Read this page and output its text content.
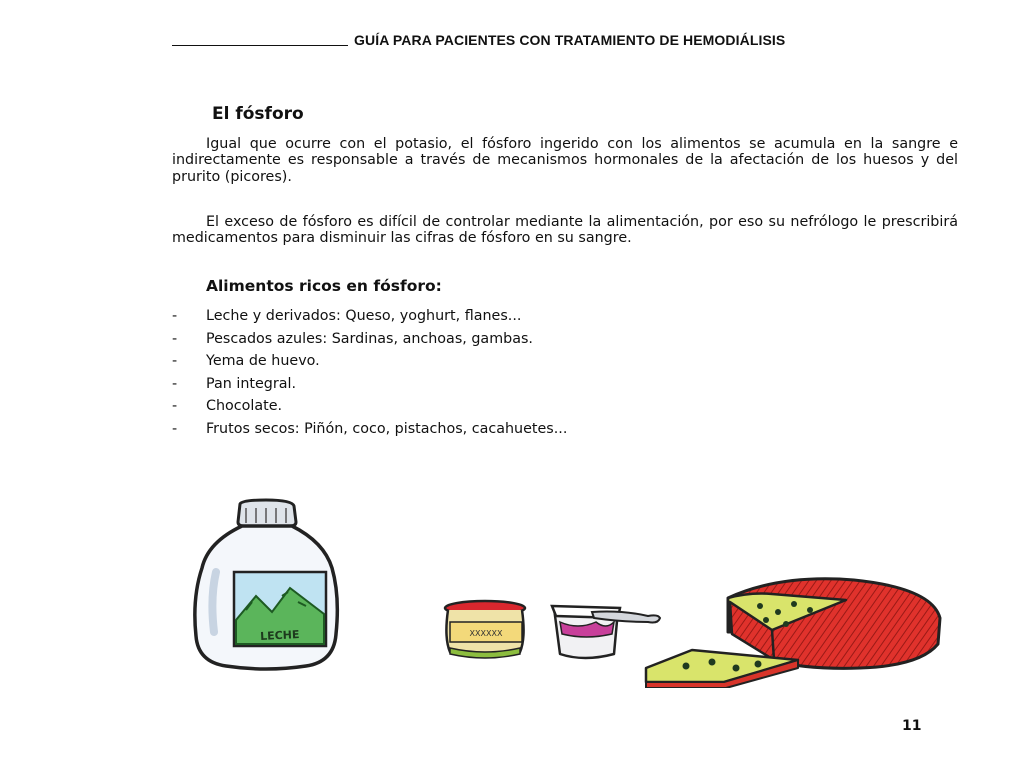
GUÍA PARA PACIENTES CON TRATAMIENTO DE HEMODIÁLISIS
El fósforo

Igual que ocurre con el potasio, el fósforo ingerido con los alimentos se acumula en la sangre e indirectamente es responsable a través de mecanismos hormonales de la afectación de los huesos y del prurito (picores).

El exceso de fósforo es difícil de controlar mediante la alimentación, por eso su nefrólogo le prescribirá medicamentos para disminuir las cifras de fósforo en su sangre.

Alimentos ricos en fósforo:
- Leche y derivados: Queso, yoghurt, flanes...
- Pescados azules: Sardinas, anchoas, gambas.
- Yema de huevo.
- Pan integral.
- Chocolate.
- Frutos secos: Piñón, coco, pistachos, cacahuetes...
LECHE	XXXXXX
11
